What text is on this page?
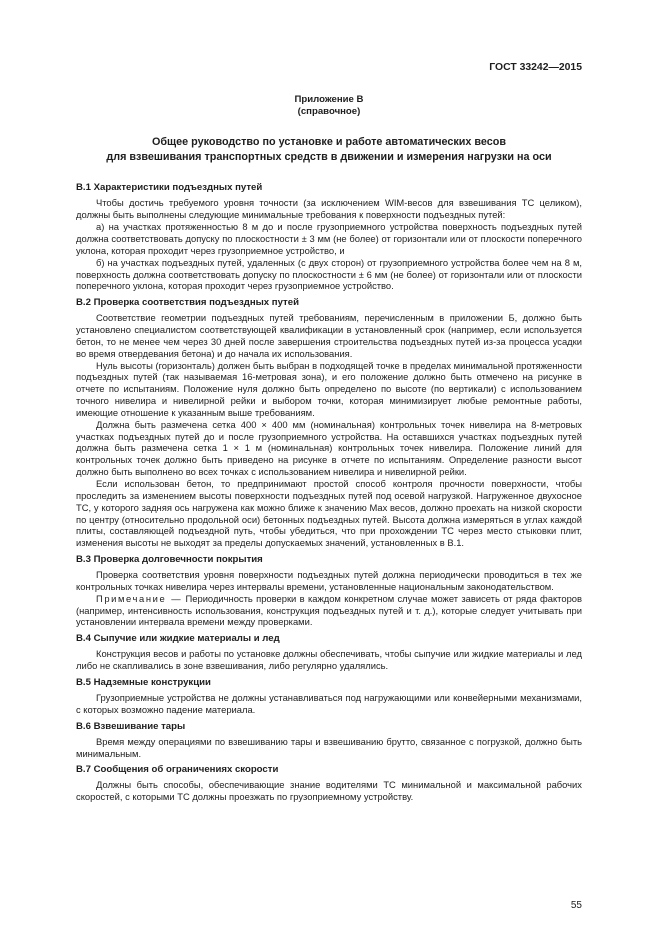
ГОСТ 33242—2015
Приложение В
(справочное)
Общее руководство по установке и работе автоматических весов
для взвешивания транспортных средств в движении и измерения нагрузки на оси
В.1 Характеристики подъездных путей

Чтобы достичь требуемого уровня точности (за исключением WIM-весов для взвешивания ТС целиком), должны быть выполнены следующие минимальные требования к поверхности подъездных путей:

а) на участках протяженностью 8 м до и после грузоприемного устройства поверхность подъездных путей должна соответствовать допуску по плоскостности ± 3 мм (не более) от горизонтали или от плоскости поперечного уклона, которая проходит через грузоприемное устройство, и

б) на участках подъездных путей, удаленных (с двух сторон) от грузоприемного устройства более чем на 8 м, поверхность должна соответствовать допуску по плоскостности ± 6 мм (не более) от горизонтали или от плоскости поперечного уклона, которая проходит через грузоприемное устройство.

В.2 Проверка соответствия подъездных путей

Соответствие геометрии подъездных путей требованиям, перечисленным в приложении Б, должно быть установлено специалистом соответствующей квалификации в установленный срок (например, если используется бетон, то не менее чем через 30 дней после завершения строительства подъездных путей из-за процесса усадки во время отвердевания бетона) и до начала их использования.

Нуль высоты (горизонталь) должен быть выбран в подходящей точке в пределах минимальной протяженности подъездных путей (так называемая 16-метровая зона), и его положение должно быть отмечено на рисунке в отчете по испытаниям. Положение нуля должно быть определено по высоте (по вертикали) с использованием точного нивелира и нивелирной рейки и выбором точки, которая минимизирует любые ремонтные работы, имеющие отношение к указанным выше требованиям.

Должна быть размечена сетка 400 × 400 мм (номинальная) контрольных точек нивелира на 8-метровых участках подъездных путей до и после грузоприемного устройства. На оставшихся участках подъездных путей должна быть размечена сетка 1 × 1 м (номинальная) контрольных точек нивелира. Положение линий для контрольных точек должно быть приведено на рисунке в отчете по испытаниям. Определение разности высот должно быть выполнено во всех точках с использованием нивелира и нивелирной рейки.

Если использован бетон, то предпринимают простой способ контроля прочности поверхности, чтобы проследить за изменением высоты поверхности подъездных путей под осевой нагрузкой. Нагруженное двухосное ТС, у которого задняя ось нагружена как можно ближе к значению Max весов, должно проехать на низкой скорости по центру (относительно продольной оси) бетонных подъездных путей. Высота должна измеряться в углах каждой плиты, составляющей подъездной путь, чтобы убедиться, что при прохождении ТС через место стыковки плит, изменения высоты не выходят за пределы допускаемых значений, установленных в В.1.

В.3 Проверка долговечности покрытия

Проверка соответствия уровня поверхности подъездных путей должна периодически проводиться в тех же контрольных точках нивелира через интервалы времени, установленные национальным законодательством.

Примечание — Периодичность проверки в каждом конкретном случае может зависеть от ряда факторов (например, интенсивность использования, конструкция подъездных путей и т. д.), которые следует учитывать при установлении интервала времени между проверками.

В.4 Сыпучие или жидкие материалы и лед

Конструкция весов и работы по установке должны обеспечивать, чтобы сыпучие или жидкие материалы и лед либо не скапливались в зоне взвешивания, либо регулярно удалялись.

В.5 Надземные конструкции

Грузоприемные устройства не должны устанавливаться под нагружающими или конвейерными механизмами, с которых возможно падение материала.

В.6 Взвешивание тары

Время между операциями по взвешиванию тары и взвешиванию брутто, связанное с погрузкой, должно быть минимальным.

В.7 Сообщения об ограничениях скорости

Должны быть способы, обеспечивающие знание водителями ТС минимальной и максимальной рабочих скоростей, с которыми ТС должны проезжать по грузоприемному устройству.

55
